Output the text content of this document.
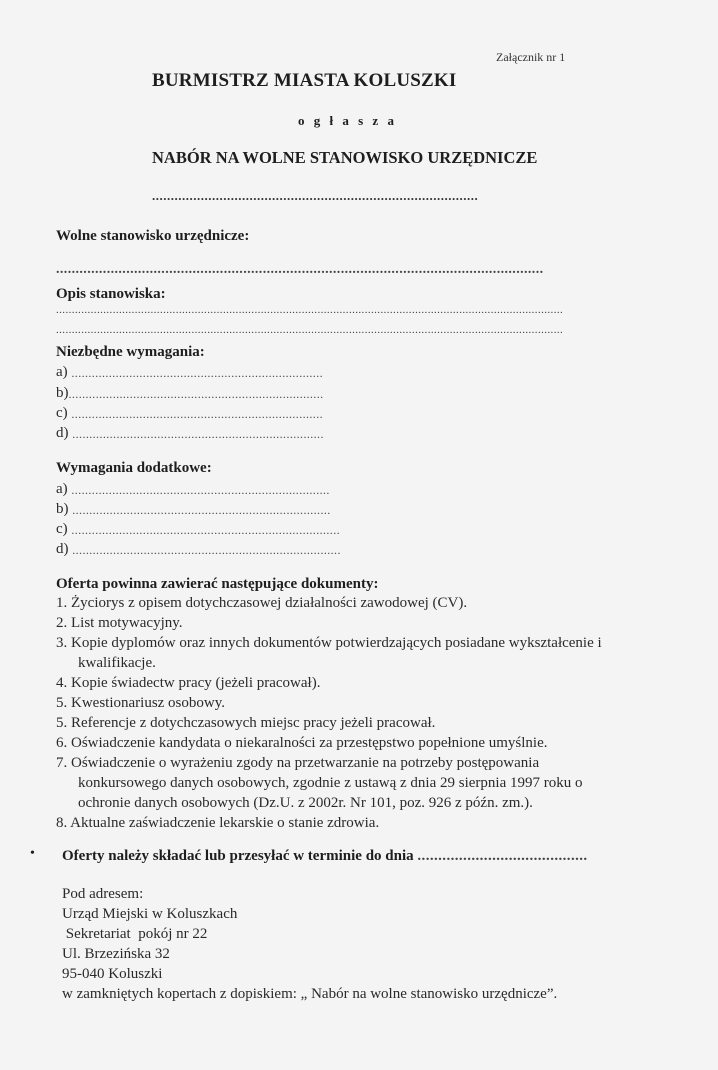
Załącznik nr 1
BURMISTRZ MIASTA KOLUSZKI
o g ł a s z a
NABÓR NA WOLNE STANOWISKO URZĘDNICZE
.......................................................................................
Wolne stanowisko urzędnicze:
.............................................................................................................................
Opis stanowiska:
.................................................................................................................................................................
.................................................................................................................................................................
Niezbędne wymagania:
a) ..........................................................................
b)...........................................................................
c) ..........................................................................
d) ..........................................................................
Wymagania dodatkowe:
a) ............................................................................
b) ............................................................................
c) ...............................................................................
d) ...............................................................................
Oferta powinna zawierać następujące dokumenty:
1. Życiorys z opisem dotychczasowej działalności zawodowej (CV).
2. List motywacyjny.
3. Kopie dyplomów oraz innych dokumentów potwierdzających posiadane wykształcenie i
kwalifikacje.
4. Kopie świadectw pracy (jeżeli pracował).
5. Kwestionariusz osobowy.
5. Referencje z dotychczasowych miejsc pracy jeżeli pracował.
6. Oświadczenie kandydata o niekaralności za przestępstwo popełnione umyślnie.
7. Oświadczenie o wyrażeniu zgody na przetwarzanie na potrzeby postępowania
konkursowego danych osobowych, zgodnie z ustawą z dnia 29 sierpnia 1997 roku o
ochronie danych osobowych (Dz.U. z 2002r. Nr 101, poz. 926 z późn. zm.).
8. Aktualne zaświadczenie lekarskie o stanie zdrowia.
• Oferty należy składać lub przesyłać w terminie do dnia .........................................
Pod adresem:
Urząd Miejski w Koluszkach
Sekretariat  pokój nr 22
Ul. Brzezińska 32
95-040 Koluszki
w zamkniętych kopertach z dopiskiem: „ Nabór na wolne stanowisko urzędnicze”.
